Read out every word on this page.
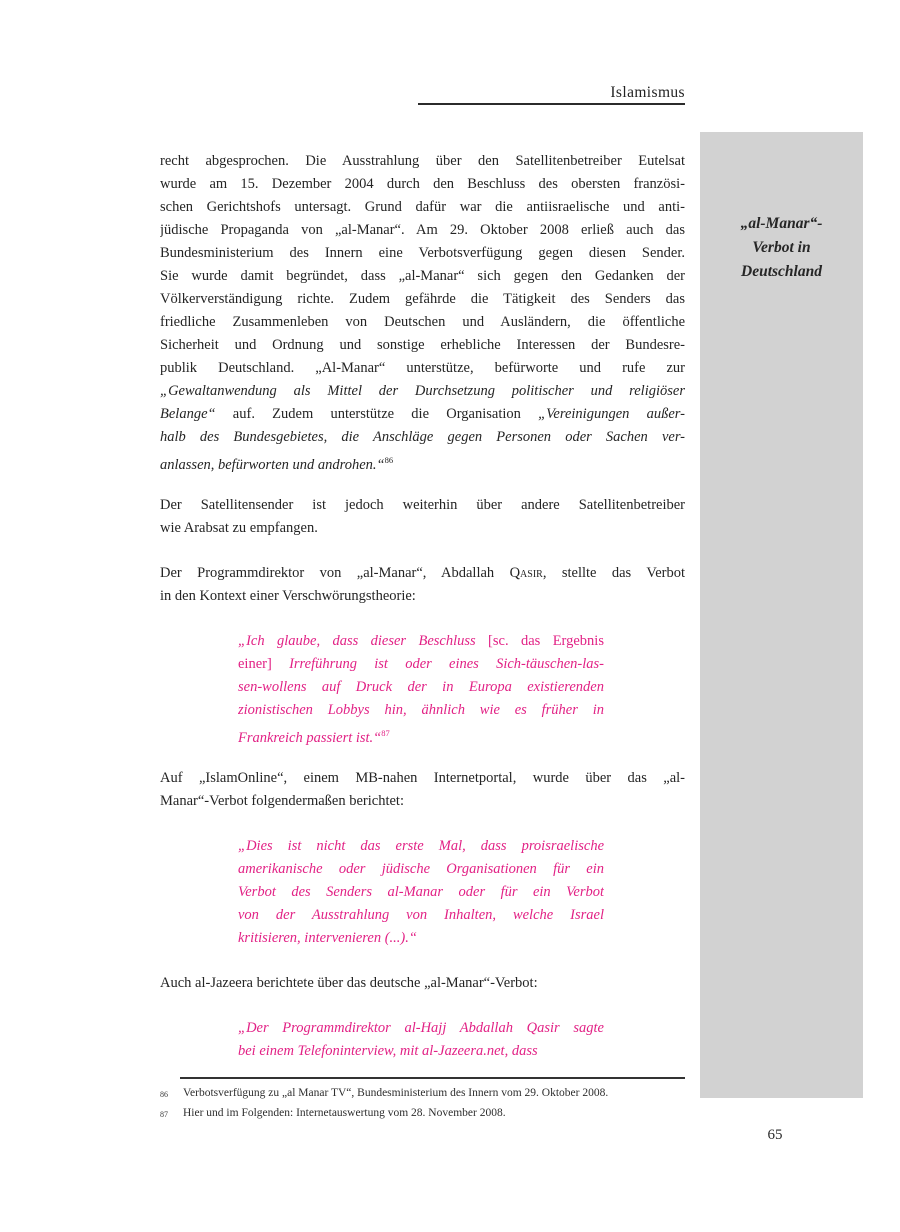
Islamismus
„al-Manar“-
Verbot in
Deutschland
recht abgesprochen. Die Ausstrahlung über den Satellitenbetreiber Eutelsat
wurde am 15. Dezember 2004 durch den Beschluss des obersten französi-
schen Gerichtshofs untersagt. Grund dafür war die antiisraelische und anti-
jüdische Propaganda von „al-Manar“. Am 29. Oktober 2008 erließ auch das
Bundesministerium des Innern eine Verbotsverfügung gegen diesen Sender.
Sie wurde damit begründet, dass „al-Manar“ sich gegen den Gedanken der
Völkerverständigung richte. Zudem gefährde die Tätigkeit des Senders das
friedliche Zusammenleben von Deutschen und Ausländern, die öffentliche
Sicherheit und Ordnung und sonstige erhebliche Interessen der Bundesre-
publik Deutschland. „Al-Manar“ unterstütze, befürworte und rufe zur
„Gewaltanwendung als Mittel der Durchsetzung politischer und religiöser
Belange“ auf. Zudem unterstütze die Organisation „Vereinigungen außer-
halb des Bundesgebietes, die Anschläge gegen Personen oder Sachen ver-
anlassen, befürworten und androhen.“$^{86}$
Der Satellitensender ist jedoch weiterhin über andere Satellitenbetreiber
wie Arabsat zu empfangen.
Der Programmdirektor von „al-Manar“, Abdallah Qasir, stellte das Verbot
in den Kontext einer Verschwörungstheorie:
„Ich glaube, dass dieser Beschluss [sc. das Ergebnis
einer] Irreführung ist oder eines Sich-täuschen-las-
sen-wollens auf Druck der in Europa existierenden
zionistischen Lobbys hin, ähnlich wie es früher in
Frankreich passiert ist.“$^{87}$
Auf „IslamOnline“, einem MB-nahen Internetportal, wurde über das „al-
Manar“-Verbot folgendermaßen berichtet:
„Dies ist nicht das erste Mal, dass proisraelische
amerikanische oder jüdische Organisationen für ein
Verbot des Senders al-Manar oder für ein Verbot
von der Ausstrahlung von Inhalten, welche Israel
kritisieren, intervenieren (...).“
Auch al-Jazeera berichtete über das deutsche „al-Manar“-Verbot:
„Der Programmdirektor al-Hajj Abdallah Qasir sagte
bei einem Telefoninterview, mit al-Jazeera.net, dass
86	Verbotsverfügung zu „al Manar TV“, Bundesministerium des Innern vom 29. Oktober 2008.
87	Hier und im Folgenden: Internetauswertung vom 28. November 2008.
65
